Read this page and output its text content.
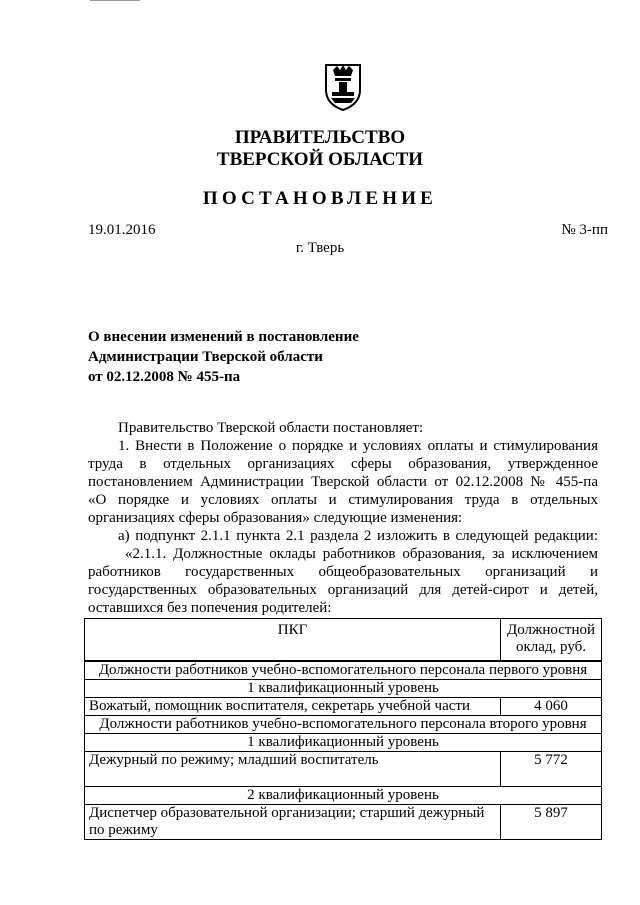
ПРАВИТЕЛЬСТВО
ТВЕРСКОЙ ОБЛАСТИ
ПОСТАНОВЛЕНИЕ
19.01.2016	№ 3-пп
г. Тверь
О внесении изменений в постановление
Администрации Тверской области
от 02.12.2008 № 455-па
Правительство Тверской области постановляет:
1. Внести в Положение о порядке и условиях оплаты и стимулирования
труда в отдельных организациях сферы образования, утвержденное
постановлением Администрации Тверской области от 02.12.2008 № 455-па
«О порядке и условиях оплаты и стимулирования труда в отдельных
организациях сферы образования» следующие изменения:
а) подпункт 2.1.1 пункта 2.1 раздела 2 изложить в следующей редакции:
«2.1.1. Должностные оклады работников образования, за исключением
работников государственных общеобразовательных организаций и
государственных образовательных организаций для детей-сирот и детей,
оставшихся без попечения родителей:
ПКГ	Должностной оклад, руб.
Должности работников учебно-вспомогательного персонала первого уровня	
1 квалификационный уровень	
Вожатый, помощник воспитателя, секретарь учебной части	4 060
Должности работников учебно-вспомогательного персонала второго уровня	
1 квалификационный уровень	
Дежурный по режиму; младший воспитатель	5 772
2 квалификационный уровень	
Диспетчер образовательной организации; старший дежурный по режиму	5 897
